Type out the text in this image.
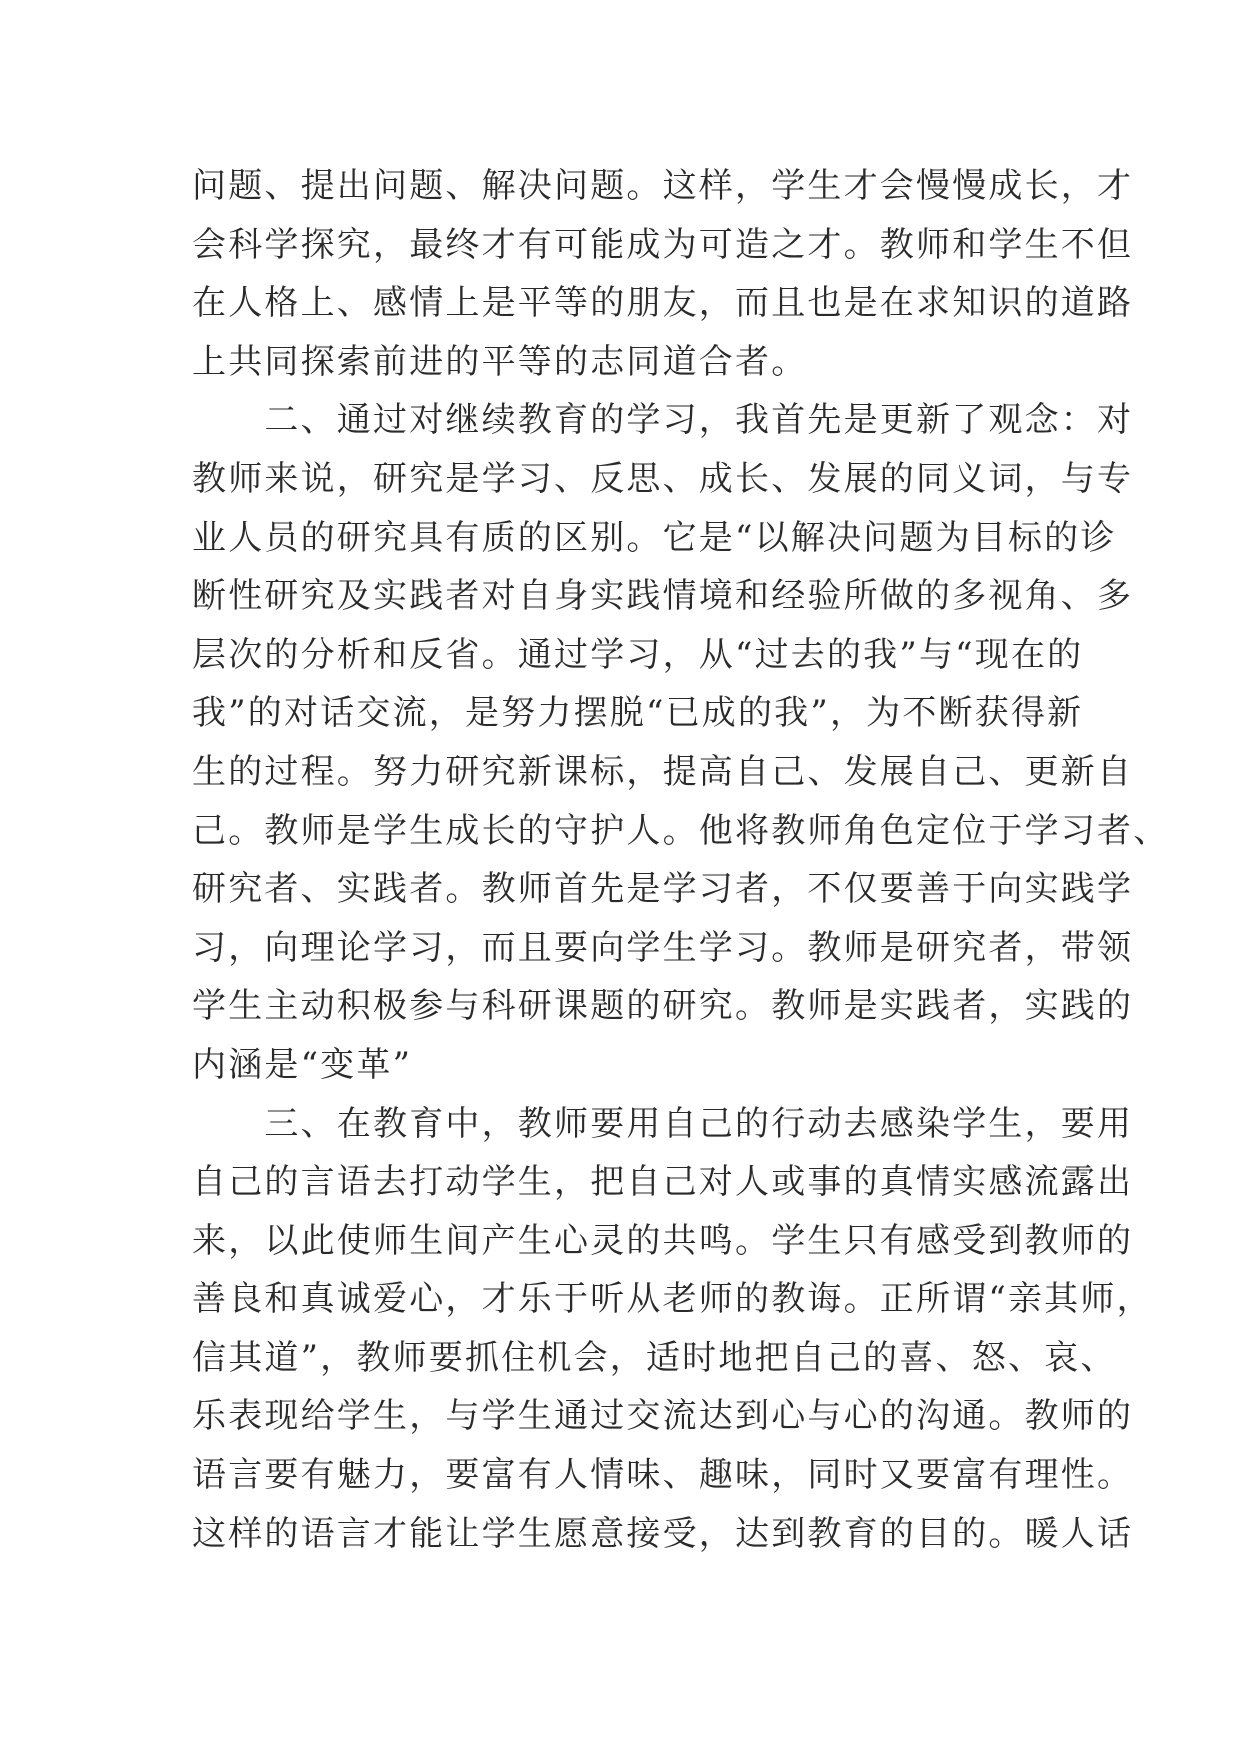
问题、提出问题、解决问题。这样，学生才会慢慢成长，才
会科学探究，最终才有可能成为可造之才。教师和学生不但
在人格上、感情上是平等的朋友，而且也是在求知识的道路
上共同探索前进的平等的志同道合者。
　　二、通过对继续教育的学习，我首先是更新了观念：对
教师来说，研究是学习、反思、成长、发展的同义词，与专
业人员的研究具有质的区别。它是“以解决问题为目标的诊
断性研究及实践者对自身实践情境和经验所做的多视角、多
层次的分析和反省。通过学习，从“过去的我”与“现在的
我”的对话交流，是努力摆脱“已成的我”，为不断获得新
生的过程。努力研究新课标，提高自己、发展自己、更新自
己。教师是学生成长的守护人。他将教师角色定位于学习者、
研究者、实践者。教师首先是学习者，不仅要善于向实践学
习，向理论学习，而且要向学生学习。教师是研究者，带领
学生主动积极参与科研课题的研究。教师是实践者，实践的
内涵是“变革”
　　三、在教育中，教师要用自己的行动去感染学生，要用
自己的言语去打动学生，把自己对人或事的真情实感流露出
来，以此使师生间产生心灵的共鸣。学生只有感受到教师的
善良和真诚爱心，才乐于听从老师的教诲。正所谓“亲其师，
信其道”，教师要抓住机会，适时地把自己的喜、怒、哀、
乐表现给学生，与学生通过交流达到心与心的沟通。教师的
语言要有魅力，要富有人情味、趣味，同时又要富有理性。
这样的语言才能让学生愿意接受，达到教育的目的。暖人话
